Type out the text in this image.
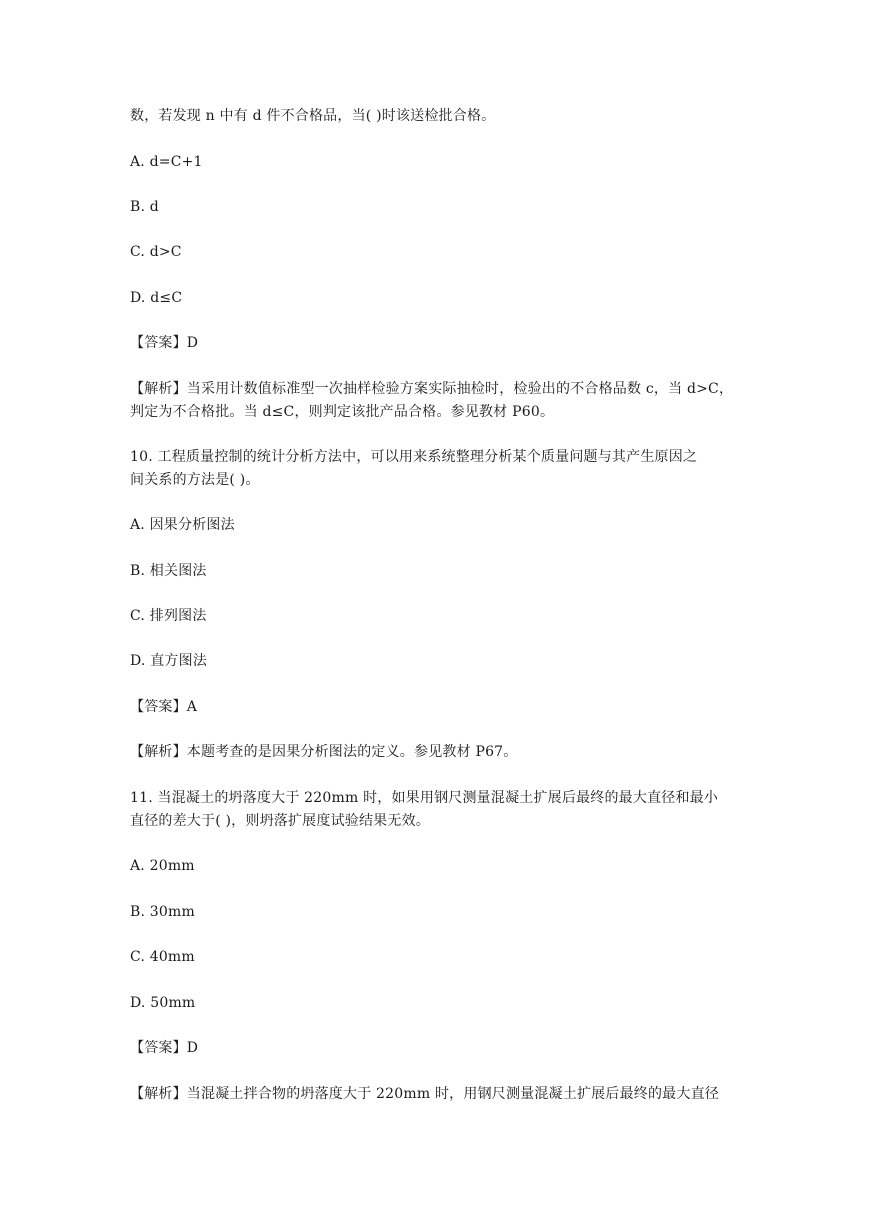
数，若发现 n 中有 d 件不合格品，当( )时该送检批合格。
A. d=C+1
B. d
C. d>C
D. d≤C
【答案】D
【解析】当采用计数值标准型一次抽样检验方案实际抽检时，检验出的不合格品数 c，当 d>C，
判定为不合格批。当 d≤C，则判定该批产品合格。参见教材 P60。
10. 工程质量控制的统计分析方法中，可以用来系统整理分析某个质量问题与其产生原因之
间关系的方法是( )。
A. 因果分析图法
B. 相关图法
C. 排列图法
D. 直方图法
【答案】A
【解析】本题考查的是因果分析图法的定义。参见教材 P67。
11. 当混凝土的坍落度大于 220mm 时，如果用钢尺测量混凝土扩展后最终的最大直径和最小
直径的差大于( )，则坍落扩展度试验结果无效。
A. 20mm
B. 30mm
C. 40mm
D. 50mm
【答案】D
【解析】当混凝土拌合物的坍落度大于 220mm 时，用钢尺测量混凝土扩展后最终的最大直径
